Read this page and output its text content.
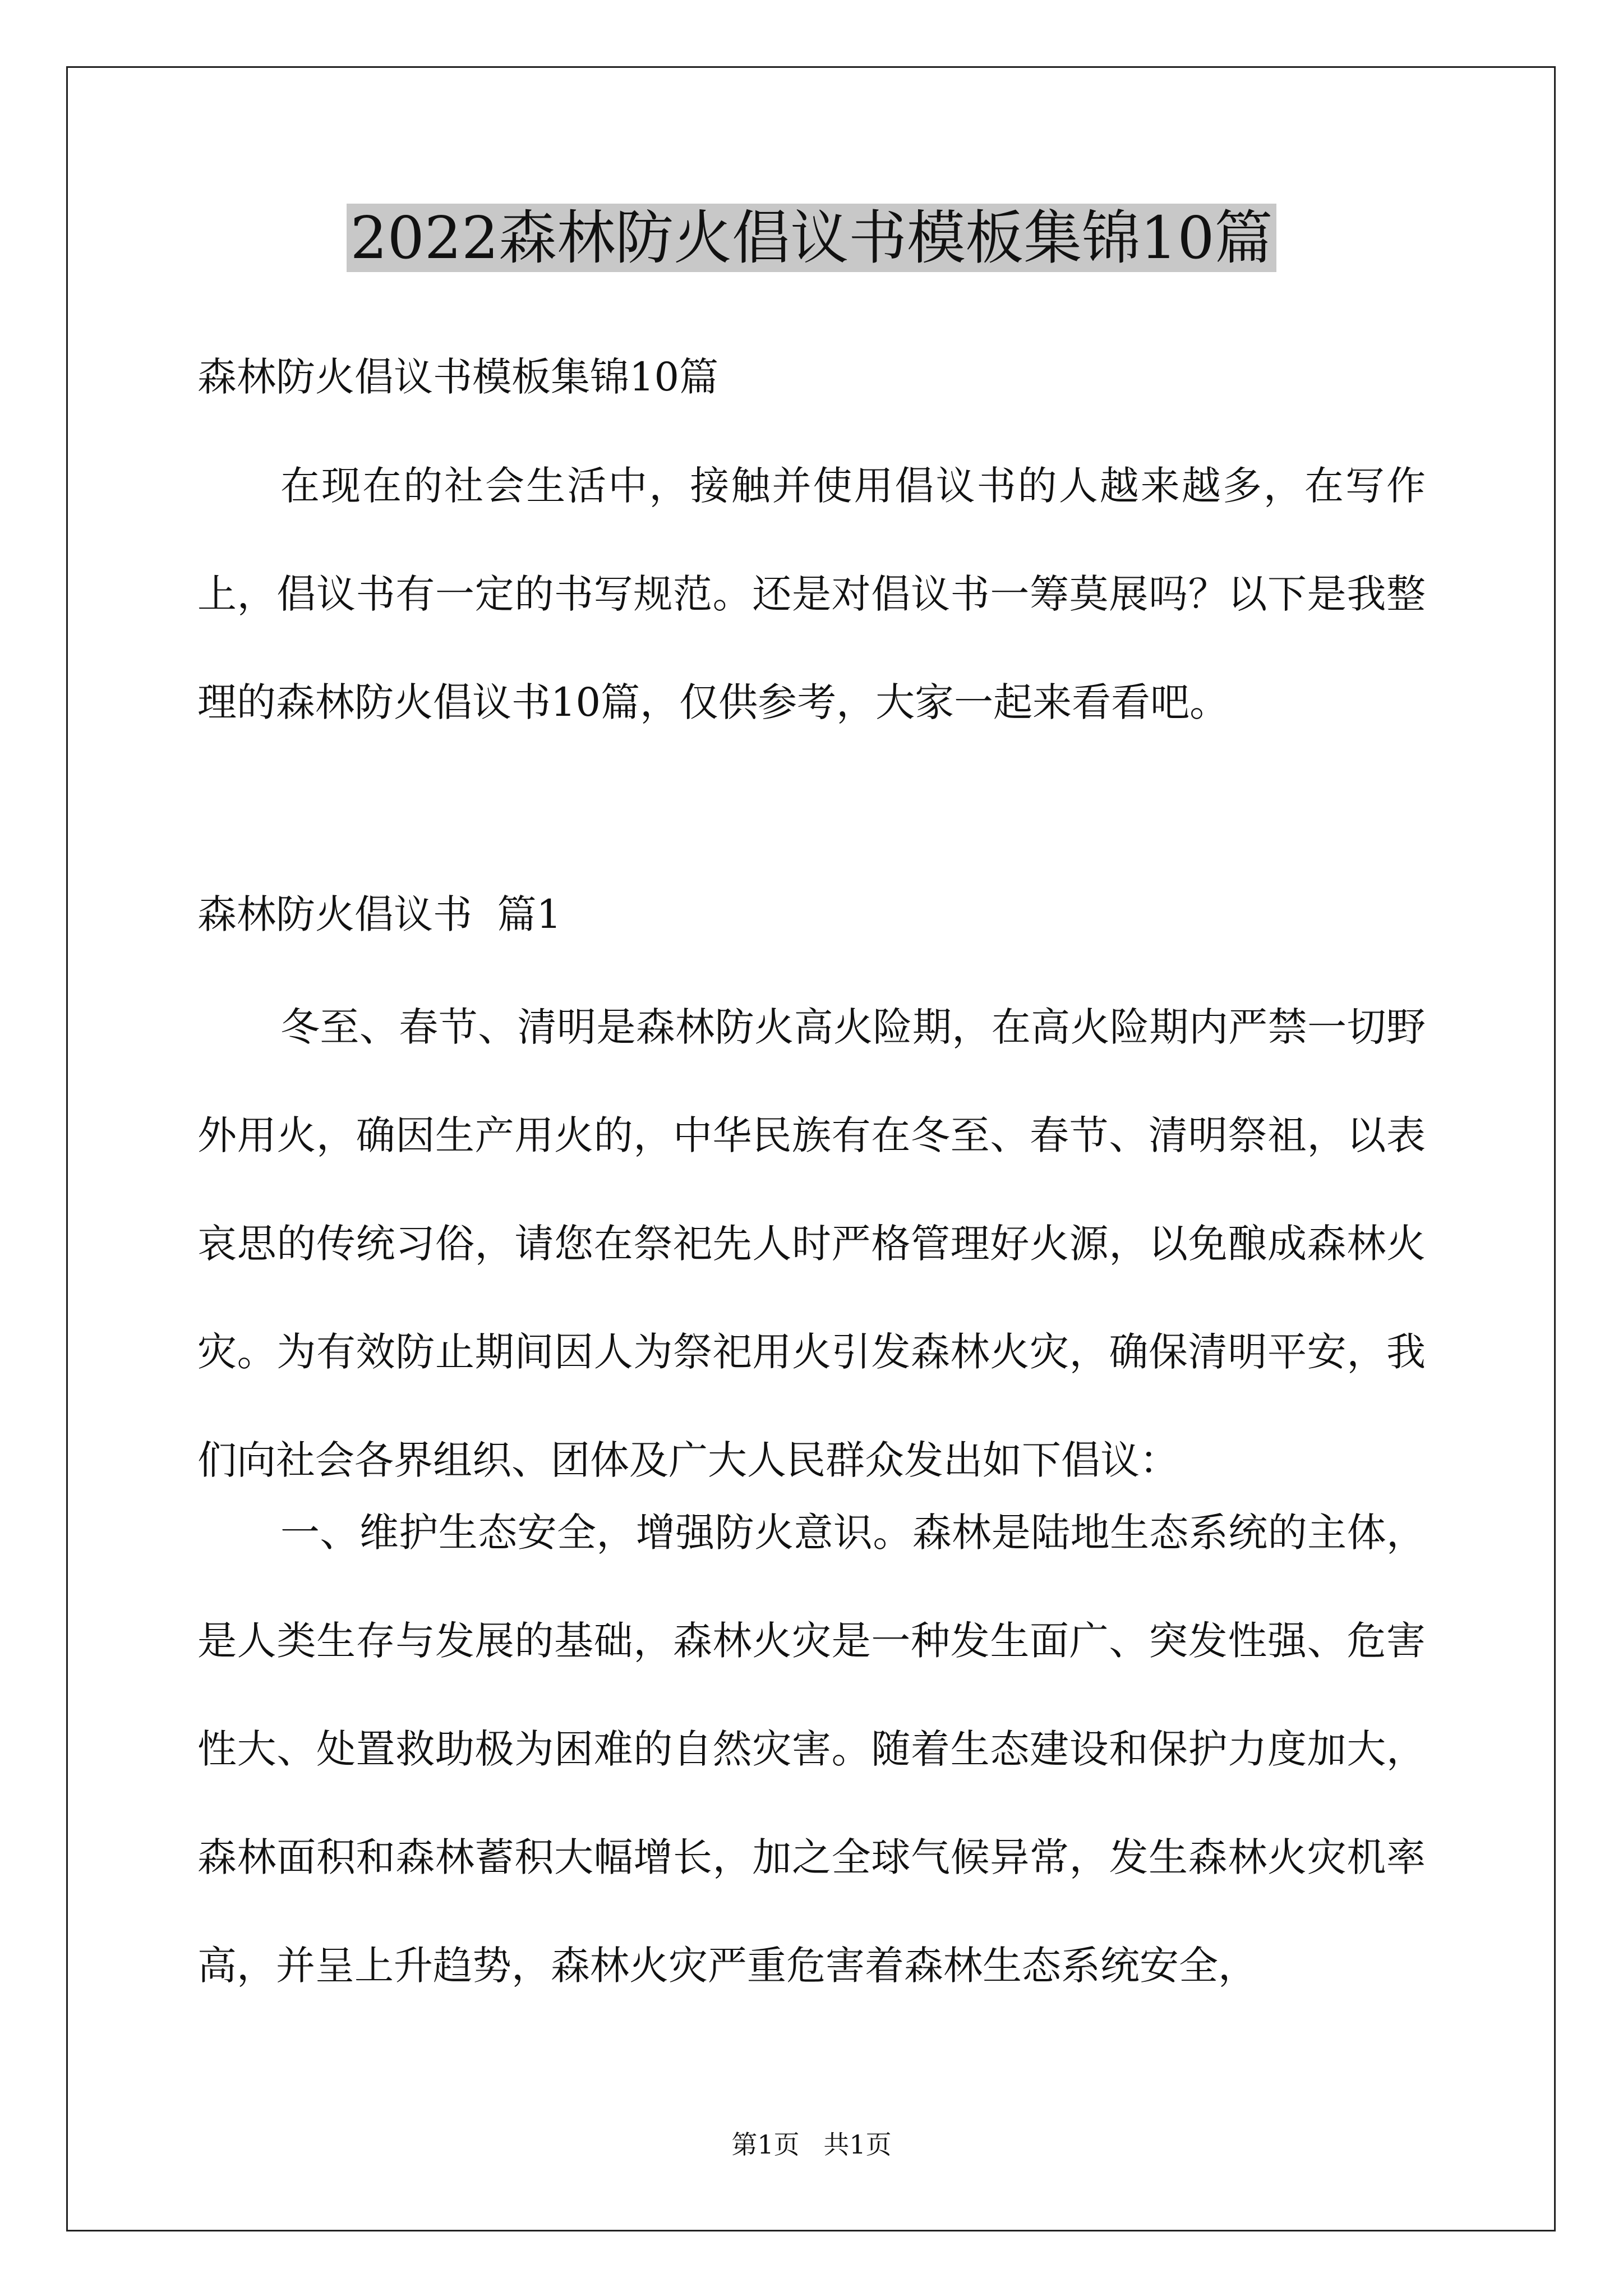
2022森林防火倡议书模板集锦10篇

森林防火倡议书模板集锦10篇

在现在的社会生活中，接触并使用倡议书的人越来越多，在写作上，倡议书有一定的书写规范。还是对倡议书一筹莫展吗？以下是我整理的森林防火倡议书10篇，仅供参考，大家一起来看看吧。

森林防火倡议书  篇1

冬至、春节、清明是森林防火高火险期，在高火险期内严禁一切野外用火，确因生产用火的，中华民族有在冬至、春节、清明祭祖，以表哀思的传统习俗，请您在祭祀先人时严格管理好火源，以免酿成森林火灾。为有效防止期间因人为祭祀用火引发森林火灾，确保清明平安，我们向社会各界组织、团体及广大人民群众发出如下倡议：

一、维护生态安全，增强防火意识。森林是陆地生态系统的主体，是人类生存与发展的基础，森林火灾是一种发生面广、突发性强、危害性大、处置救助极为困难的自然灾害。随着生态建设和保护力度加大，森林面积和森林蓄积大幅增长，加之全球气候异常，发生森林火灾机率高，并呈上升趋势，森林火灾严重危害着森林生态系统安全，

第1页 共1页
